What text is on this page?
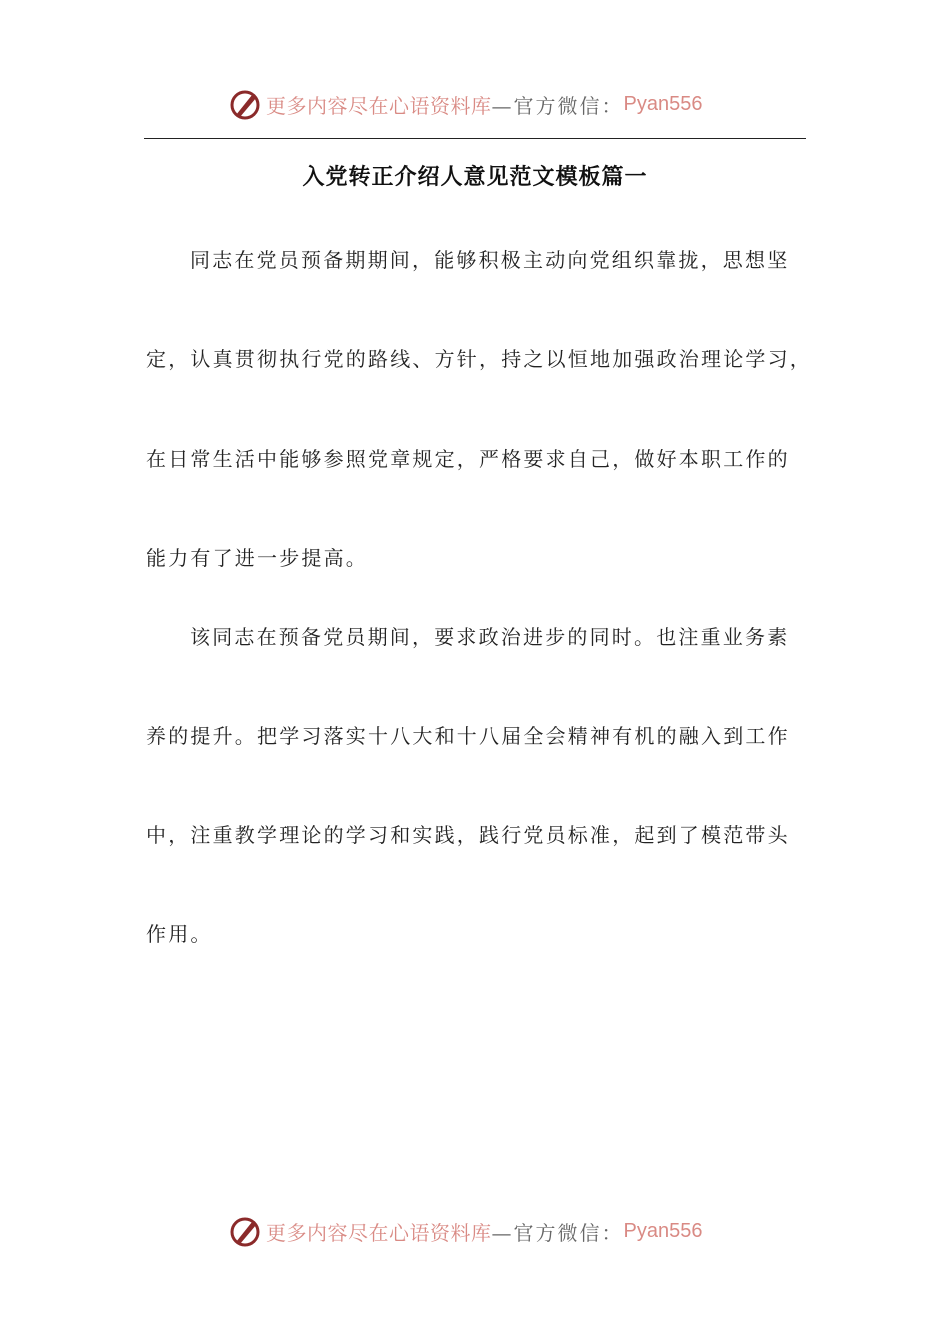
更多内容尽在心语资料库 —官方微信： Pyan556
入党转正介绍人意见范文模板篇一
同志在党员预备期期间，能够积极主动向党组织靠拢，思想坚
定，认真贯彻执行党的路线、方针，持之以恒地加强政治理论学习，
在日常生活中能够参照党章规定，严格要求自己，做好本职工作的
能力有了进一步提高。
该同志在预备党员期间，要求政治进步的同时。也注重业务素
养的提升。把学习落实十八大和十八届全会精神有机的融入到工作
中，注重教学理论的学习和实践，践行党员标准，起到了模范带头
作用。
更多内容尽在心语资料库 —官方微信： Pyan556
